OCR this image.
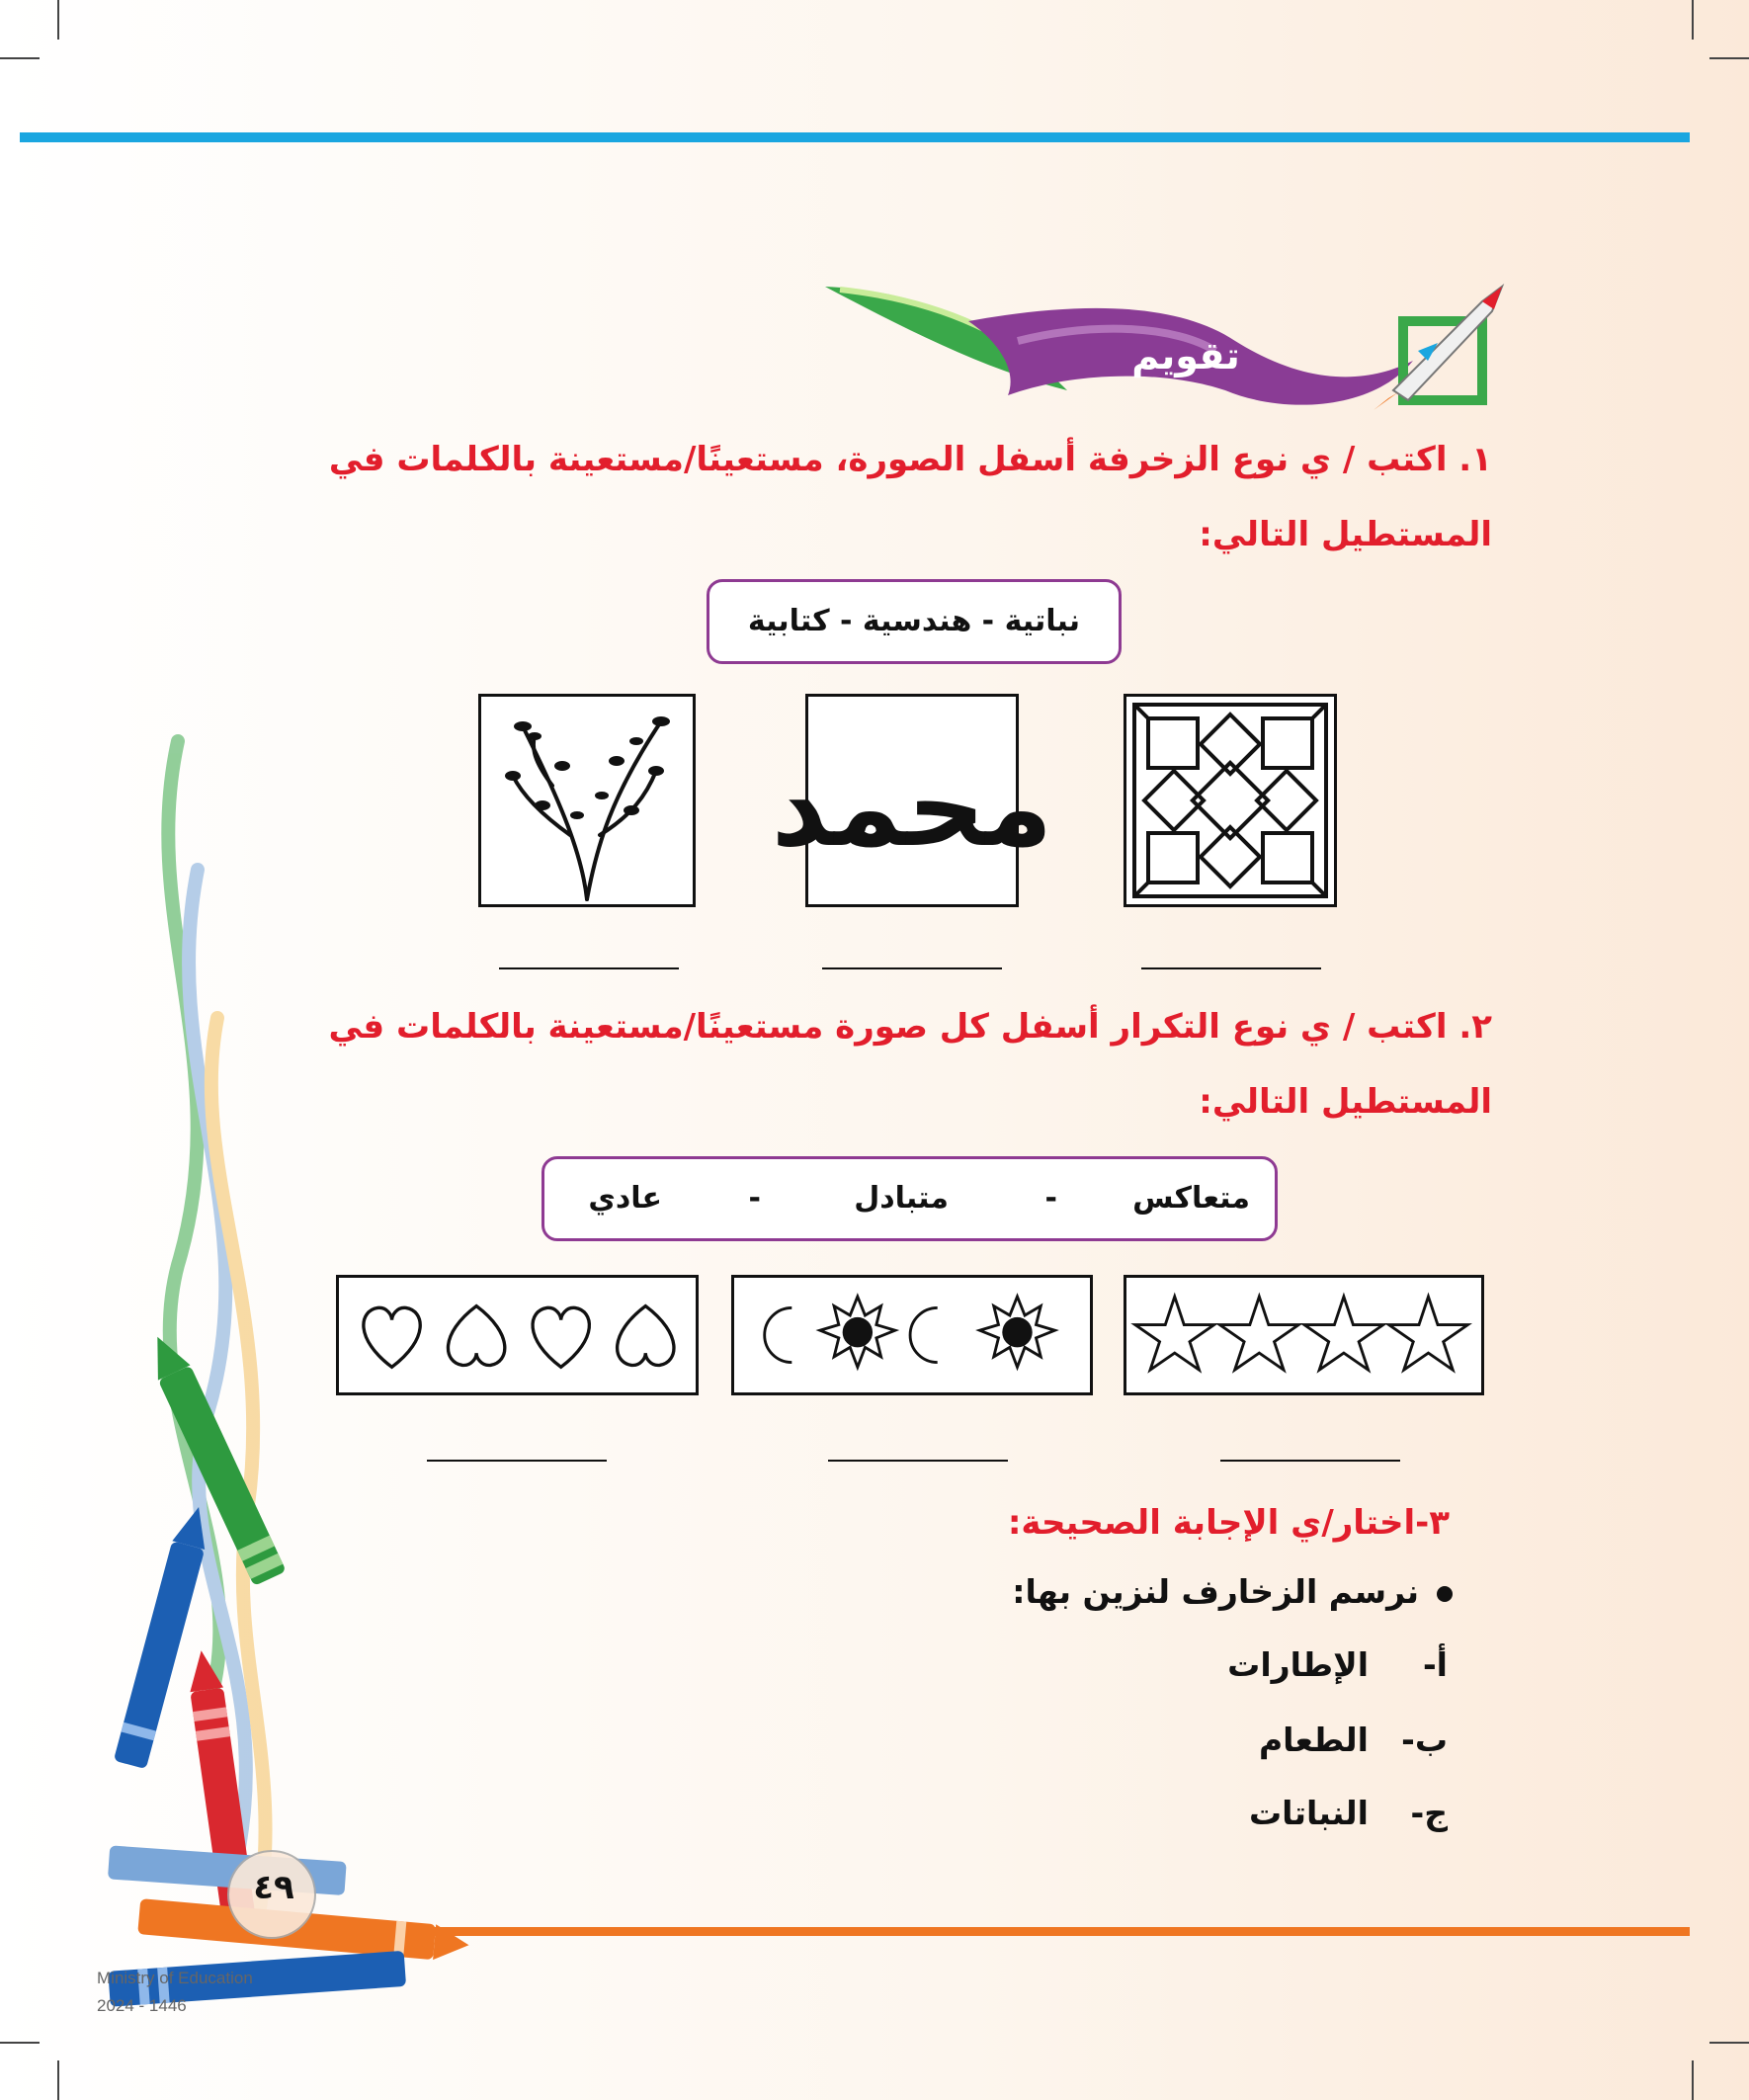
تقويم
١. اكتب / ي نوع الزخرفة أسفل الصورة، مستعينًا/مستعينة بالكلمات في
المستطيل التالي:
نباتية - هندسية - كتابية
محمد
٢. اكتب / ي نوع التكرار أسفل كل صورة مستعينًا/مستعينة بالكلمات في
المستطيل التالي:
متعاكس
-
متبادل
-
عادي
٣-اختار/ي الإجابة الصحيحة:
نرسم الزخارف لنزين بها:
أ-الإطارات
ب-الطعام
ج-النباتات
٤٩
Ministry of Education
2024 - 1446
